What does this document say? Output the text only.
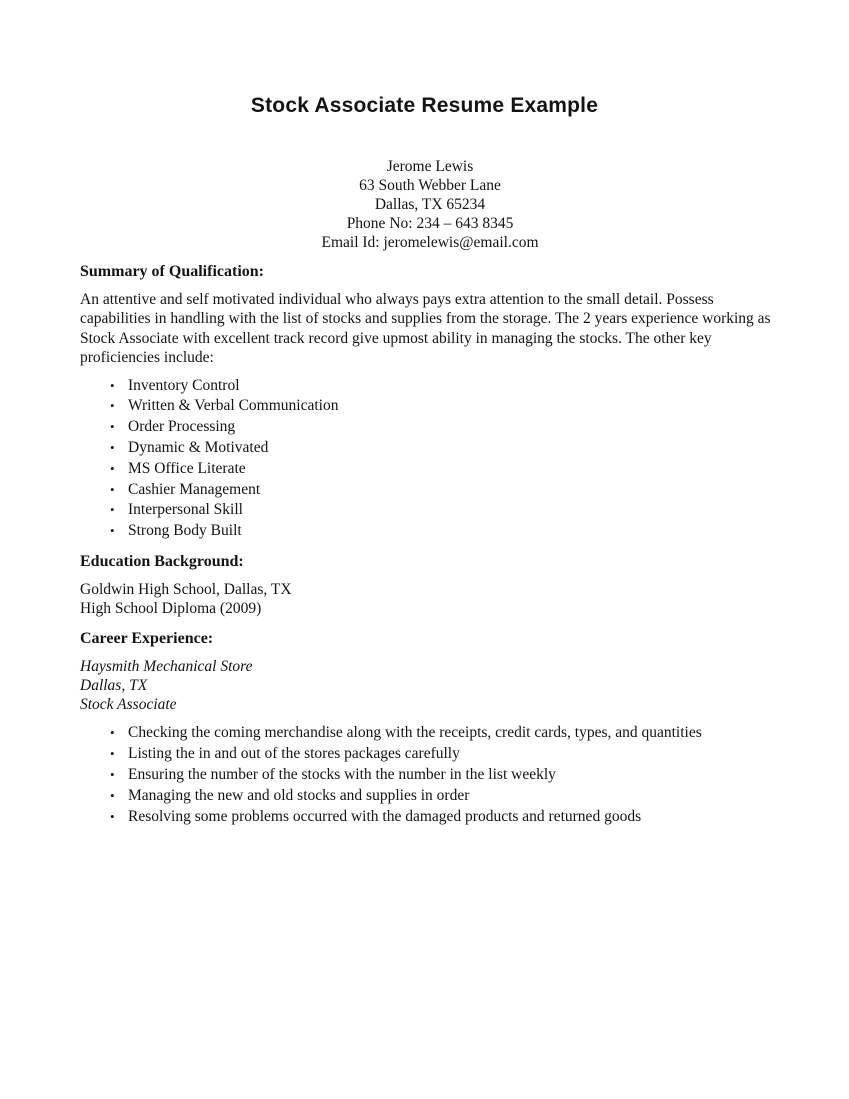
Stock Associate Resume Example
Jerome Lewis
63 South Webber Lane
Dallas, TX 65234
Phone No: 234 – 643 8345
Email Id: jeromelewis@email.com
Summary of Qualification:

An attentive and self motivated individual who always pays extra attention to the small detail. Possess capabilities in handling with the list of stocks and supplies from the storage. The 2 years experience working as Stock Associate with excellent track record give upmost ability in managing the stocks. The other key proficiencies include:

• Inventory Control
• Written & Verbal Communication
• Order Processing
• Dynamic & Motivated
• MS Office Literate
• Cashier Management
• Interpersonal Skill
• Strong Body Built
Education Background:
Goldwin High School, Dallas, TX
High School Diploma (2009)
Career Experience:
Haysmith Mechanical Store
Dallas, TX
Stock Associate
• Checking the coming merchandise along with the receipts, credit cards, types, and quantities
• Listing the in and out of the stores packages carefully
• Ensuring the number of the stocks with the number in the list weekly
• Managing the new and old stocks and supplies in order
• Resolving some problems occurred with the damaged products and returned goods
